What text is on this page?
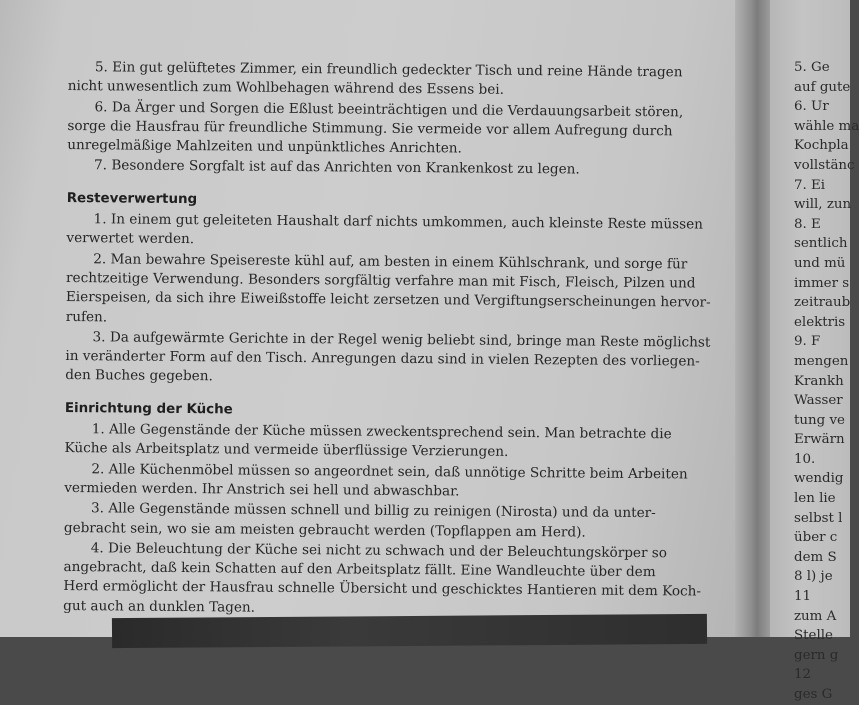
5. Ein gut gelüftetes Zimmer, ein freundlich gedeckter Tisch und reine Hände tragen
nicht unwesentlich zum Wohlbehagen während des Essens bei.

6. Da Ärger und Sorgen die Eßlust beeinträchtigen und die Verdauungsarbeit stören,
sorge die Hausfrau für freundliche Stimmung. Sie vermeide vor allem Aufregung durch
unregelmäßige Mahlzeiten und unpünktliches Anrichten.

7. Besondere Sorgfalt ist auf das Anrichten von Krankenkost zu legen.

Resteverwertung

1. In einem gut geleiteten Haushalt darf nichts umkommen, auch kleinste Reste müssen
verwertet werden.

2. Man bewahre Speisereste kühl auf, am besten in einem Kühlschrank, und sorge für
rechtzeitige Verwendung. Besonders sorgfältig verfahre man mit Fisch, Fleisch, Pilzen und
Eierspeisen, da sich ihre Eiweißstoffe leicht zersetzen und Vergiftungserscheinungen hervor-
rufen.

3. Da aufgewärmte Gerichte in der Regel wenig beliebt sind, bringe man Reste möglichst
in veränderter Form auf den Tisch. Anregungen dazu sind in vielen Rezepten des vorliegen-
den Buches gegeben.

Einrichtung der Küche

1. Alle Gegenstände der Küche müssen zweckentsprechend sein. Man betrachte die
Küche als Arbeitsplatz und vermeide überflüssige Verzierungen.

2. Alle Küchenmöbel müssen so angeordnet sein, daß unnötige Schritte beim Arbeiten
vermieden werden. Ihr Anstrich sei hell und abwaschbar.

3. Alle Gegenstände müssen schnell und billig zu reinigen (Nirosta) und da unter-
gebracht sein, wo sie am meisten gebraucht werden (Topflappen am Herd).

4. Die Beleuchtung der Küche sei nicht zu schwach und der Beleuchtungskörper so
angebracht, daß kein Schatten auf den Arbeitsplatz fällt. Eine Wandleuchte über dem
Herd ermöglicht der Hausfrau schnelle Übersicht und geschicktes Hantieren mit dem Koch-
gut auch an dunklen Tagen.

5. Ge
auf gute
6. Ur
wähle ma
Kochpla
vollstänc
7. Ei
will, zun
8. E
sentlich
und mü
immer s
zeitraub
elektris
9. F
mengen
Krankh
Wasser
tung ve
Erwärn
10.
wendig
len lie
selbst l
über c
dem S
8 l) je
11
zum A
Stelle
gern g
12
ges G
